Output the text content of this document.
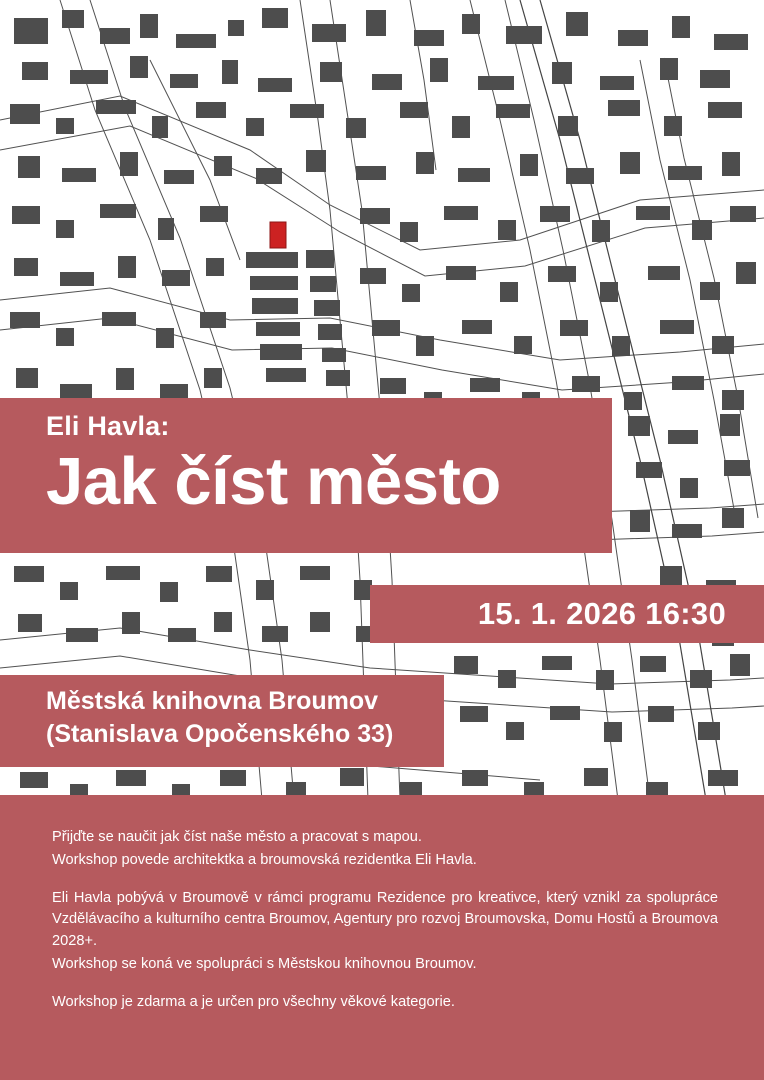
Eli Havla:

Jak číst město

15. 1. 2026 16:30

Městská knihovna Broumov

(Stanislava Opočenského 33)

Přijďte se naučit jak číst naše město a pracovat s mapou.

Workshop povede architektka a broumovská rezidentka Eli Havla.

Eli Havla pobývá v Broumově v rámci programu Rezidence pro kreativce, který vznikl za spolupráce Vzdělávacího a kulturního centra Broumov, Agentury pro rozvoj Broumovska, Domu Hostů a Broumova 2028+.

Workshop se koná ve spolupráci s Městskou knihovnou Broumov.

Workshop je zdarma a je určen pro všechny věkové kategorie.
